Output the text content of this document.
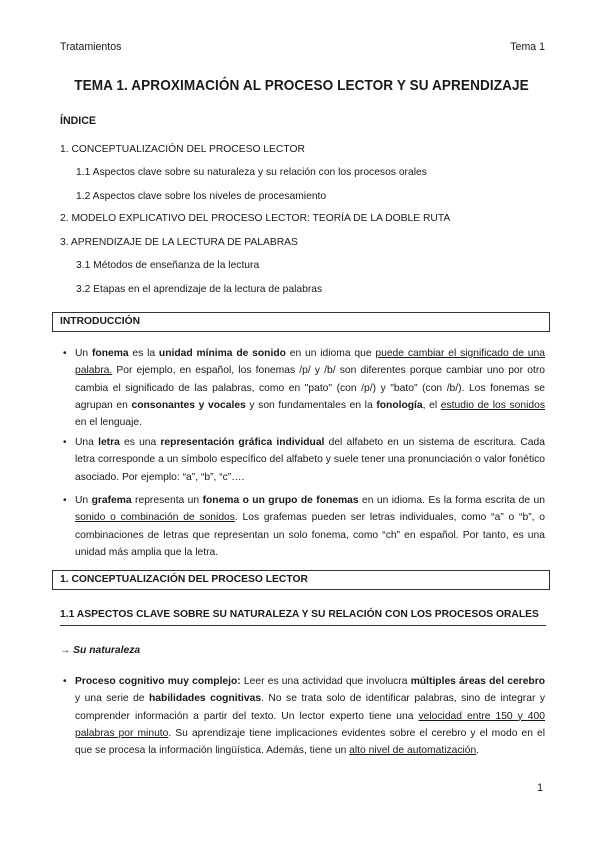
Tratamientos	Tema 1
TEMA 1. APROXIMACIÓN AL PROCESO LECTOR Y SU APRENDIZAJE
ÍNDICE
1. CONCEPTUALIZACIÓN DEL PROCESO LECTOR
1.1 Aspectos clave sobre su naturaleza y su relación con los procesos orales
1.2 Aspectos clave sobre los niveles de procesamiento
2. MODELO EXPLICATIVO DEL PROCESO LECTOR: TEORÍA DE LA DOBLE RUTA
3. APRENDIZAJE DE LA LECTURA DE PALABRAS
3.1 Métodos de enseñanza de la lectura
3.2 Etapas en el aprendizaje de la lectura de palabras
INTRODUCCIÓN
• Un fonema es la unidad mínima de sonido en un idioma que puede cambiar el significado de una palabra. Por ejemplo, en español, los fonemas /p/ y /b/ son diferentes porque cambiar uno por otro cambia el significado de las palabras, como en "pato" (con /p/) y "bato" (con /b/). Los fonemas se agrupan en consonantes y vocales y son fundamentales en la fonología, el estudio de los sonidos en el lenguaje.
• Una letra es una representación gráfica individual del alfabeto en un sistema de escritura. Cada letra corresponde a un símbolo específico del alfabeto y suele tener una pronunciación o valor fonético asociado. Por ejemplo: “a”, “b”, “c”….
• Un grafema representa un fonema o un grupo de fonemas en un idioma. Es la forma escrita de un sonido o combinación de sonidos. Los grafemas pueden ser letras individuales, como “a” o “b”, o combinaciones de letras que representan un solo fonema, como “ch” en español. Por tanto, es una unidad más amplia que la letra.
1. CONCEPTUALIZACIÓN DEL PROCESO LECTOR
1.1 ASPECTOS CLAVE SOBRE SU NATURALEZA Y SU RELACIÓN CON LOS PROCESOS ORALES
→ Su naturaleza
• Proceso cognitivo muy complejo: Leer es una actividad que involucra múltiples áreas del cerebro y una serie de habilidades cognitivas. No se trata solo de identificar palabras, sino de integrar y comprender información a partir del texto. Un lector experto tiene una velocidad entre 150 y 400 palabras por minuto. Su aprendizaje tiene implicaciones evidentes sobre el cerebro y el modo en el que se procesa la información lingüística. Además, tiene un alto nivel de automatización.
1
